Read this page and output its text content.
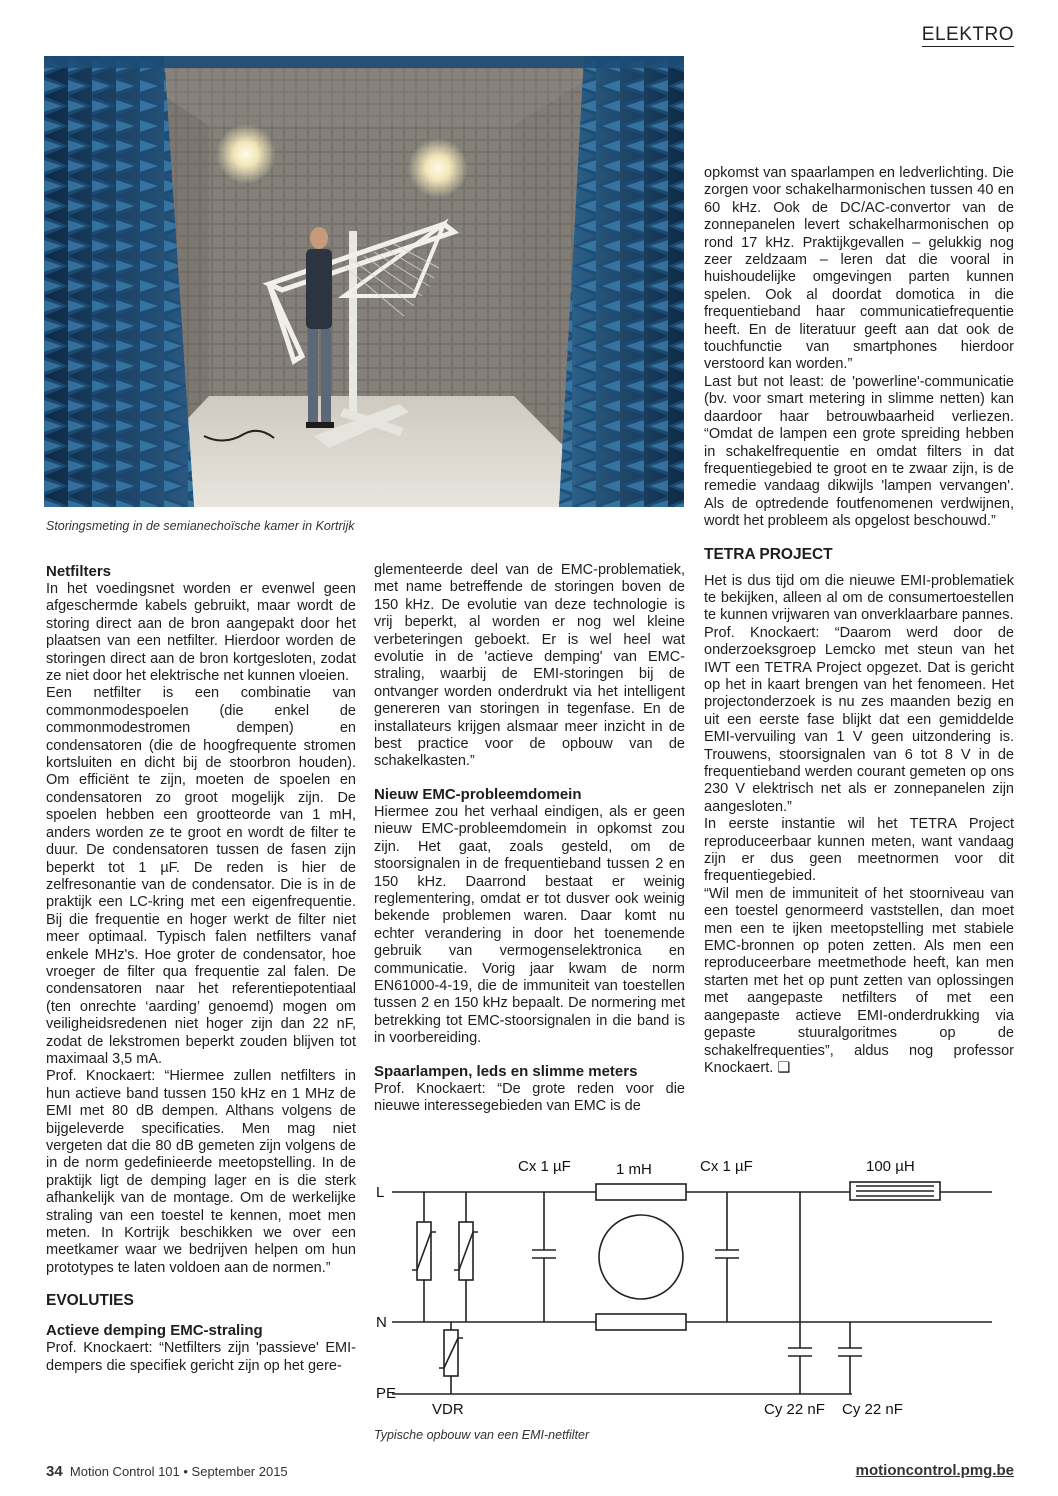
ELEKTRO
Storingsmeting in de semianechoïsche kamer in Kortrijk
Netfilters

In het voedingsnet worden er evenwel geen afgeschermde kabels gebruikt, maar wordt de storing direct aan de bron aangepakt door het plaatsen van een netfilter. Hierdoor worden de storingen direct aan de bron kortgesloten, zodat ze niet door het elektrische net kunnen vloeien.

Een netfilter is een combinatie van commonmodespoelen (die enkel de commonmodestromen dempen) en condensatoren (die de hoogfrequente stromen kortsluiten en dicht bij de stoorbron houden). Om efficiënt te zijn, moeten de spoelen en condensatoren zo groot mogelijk zijn. De spoelen hebben een grootteorde van 1 mH, anders worden ze te groot en wordt de filter te duur. De condensatoren tussen de fasen zijn beperkt tot 1 µF. De reden is hier de zelfresonantie van de condensator. Die is in de praktijk een LC-kring met een eigenfrequentie. Bij die frequentie en hoger werkt de filter niet meer optimaal. Typisch falen netfilters vanaf enkele MHz's. Hoe groter de condensator, hoe vroeger de filter qua frequentie zal falen. De condensatoren naar het referentiepotentiaal (ten onrechte ‘aarding’ genoemd) mogen om veiligheidsredenen niet hoger zijn dan 22 nF, zodat de lekstromen beperkt zouden blijven tot maximaal 3,5 mA.

Prof. Knockaert: “Hiermee zullen netfilters in hun actieve band tussen 150 kHz en 1 MHz de EMI met 80 dB dempen. Althans volgens de bijgeleverde specificaties. Men mag niet vergeten dat die 80 dB gemeten zijn volgens de in de norm gedefinieerde meetopstelling. In de praktijk ligt de demping lager en is die sterk afhankelijk van de montage. Om de werkelijke straling van een toestel te kennen, moet men meten. In Kortrijk beschikken we over een meetkamer waar we bedrijven helpen om hun prototypes te laten voldoen aan de normen.”

EVOLUTIES
Actieve demping EMC-straling

Prof. Knockaert: “Netfilters zijn 'passieve' EMI-dempers die specifiek gericht zijn op het gere-

glementeerde deel van de EMC-problematiek, met name betreffende de storingen boven de 150 kHz. De evolutie van deze technologie is vrij beperkt, al worden er nog wel kleine verbeteringen geboekt. Er is wel heel wat evolutie in de 'actieve demping' van EMC-straling, waarbij de EMI-storingen bij de ontvanger worden onderdrukt via het intelligent genereren van storingen in tegenfase. En de installateurs krijgen alsmaar meer inzicht in de best practice voor de opbouw van de schakelkasten.”

Nieuw EMC-probleemdomein

Hiermee zou het verhaal eindigen, als er geen nieuw EMC-probleemdomein in opkomst zou zijn. Het gaat, zoals gesteld, om de stoorsignalen in de frequentieband tussen 2 en 150 kHz. Daarrond bestaat er weinig reglementering, omdat er tot dusver ook weinig bekende problemen waren. Daar komt nu echter verandering in door het toenemende gebruik van vermogenselektronica en communicatie. Vorig jaar kwam de norm EN61000-4-19, die de immuniteit van toestellen tussen 2 en 150 kHz bepaalt. De normering met betrekking tot EMC-stoorsignalen in die band is in voorbereiding.

Spaarlampen, leds en slimme meters

Prof. Knockaert: “De grote reden voor die nieuwe interessegebieden van EMC is de

opkomst van spaarlampen en ledverlichting. Die zorgen voor schakelharmonischen tussen 40 en 60 kHz. Ook de DC/AC-convertor van de zonnepanelen levert schakelharmonischen op rond 17 kHz. Praktijkgevallen – gelukkig nog zeer zeldzaam – leren dat die vooral in huishoudelijke omgevingen parten kunnen spelen. Ook al doordat domotica in die frequentieband haar communicatiefrequentie heeft. En de literatuur geeft aan dat ook de touchfunctie van smartphones hierdoor verstoord kan worden.”

Last but not least: de 'powerline'-communicatie (bv. voor smart metering in slimme netten) kan daardoor haar betrouwbaarheid verliezen. “Omdat de lampen een grote spreiding hebben in schakelfrequentie en omdat filters in dat frequentiegebied te groot en te zwaar zijn, is de remedie vandaag dikwijls 'lampen vervangen'. Als de optredende foutfenomenen verdwijnen, wordt het probleem als opgelost beschouwd.”

TETRA PROJECT

Het is dus tijd om die nieuwe EMI-problematiek te bekijken, alleen al om de consumertoestellen te kunnen vrijwaren van onverklaarbare pannes.

Prof. Knockaert: “Daarom werd door de onderzoeksgroep Lemcko met steun van het IWT een TETRA Project opgezet. Dat is gericht op het in kaart brengen van het fenomeen. Het projectonderzoek is nu zes maanden bezig en uit een eerste fase blijkt dat een gemiddelde EMI-vervuiling van 1 V geen uitzondering is. Trouwens, stoorsignalen van 6 tot 8 V in de frequentieband werden courant gemeten op ons 230 V elektrisch net als er zonnepanelen zijn aangesloten.”

In eerste instantie wil het TETRA Project reproduceerbaar kunnen meten, want vandaag zijn er dus geen meetnormen voor dit frequentiegebied.

“Wil men de immuniteit of het stoorniveau van een toestel genormeerd vaststellen, dan moet men een te ijken meetopstelling met stabiele EMC-bronnen op poten zetten. Als men een reproduceerbare meetmethode heeft, kan men starten met het op punt zetten van oplossingen met aangepaste netfilters of met een aangepaste actieve EMI-onderdrukking via gepaste stuuralgoritmes op de schakelfrequenties”, aldus nog professor Knockaert. ❑

L
N
PE
VDR
Cx 1 µF	1 mH	Cx 1 µF	100 µH
Cy 22 nF Cy 22 nF
Typische opbouw van een EMI-netfilter
34 Motion Control 101 • September 2015	motioncontrol.pmg.be
